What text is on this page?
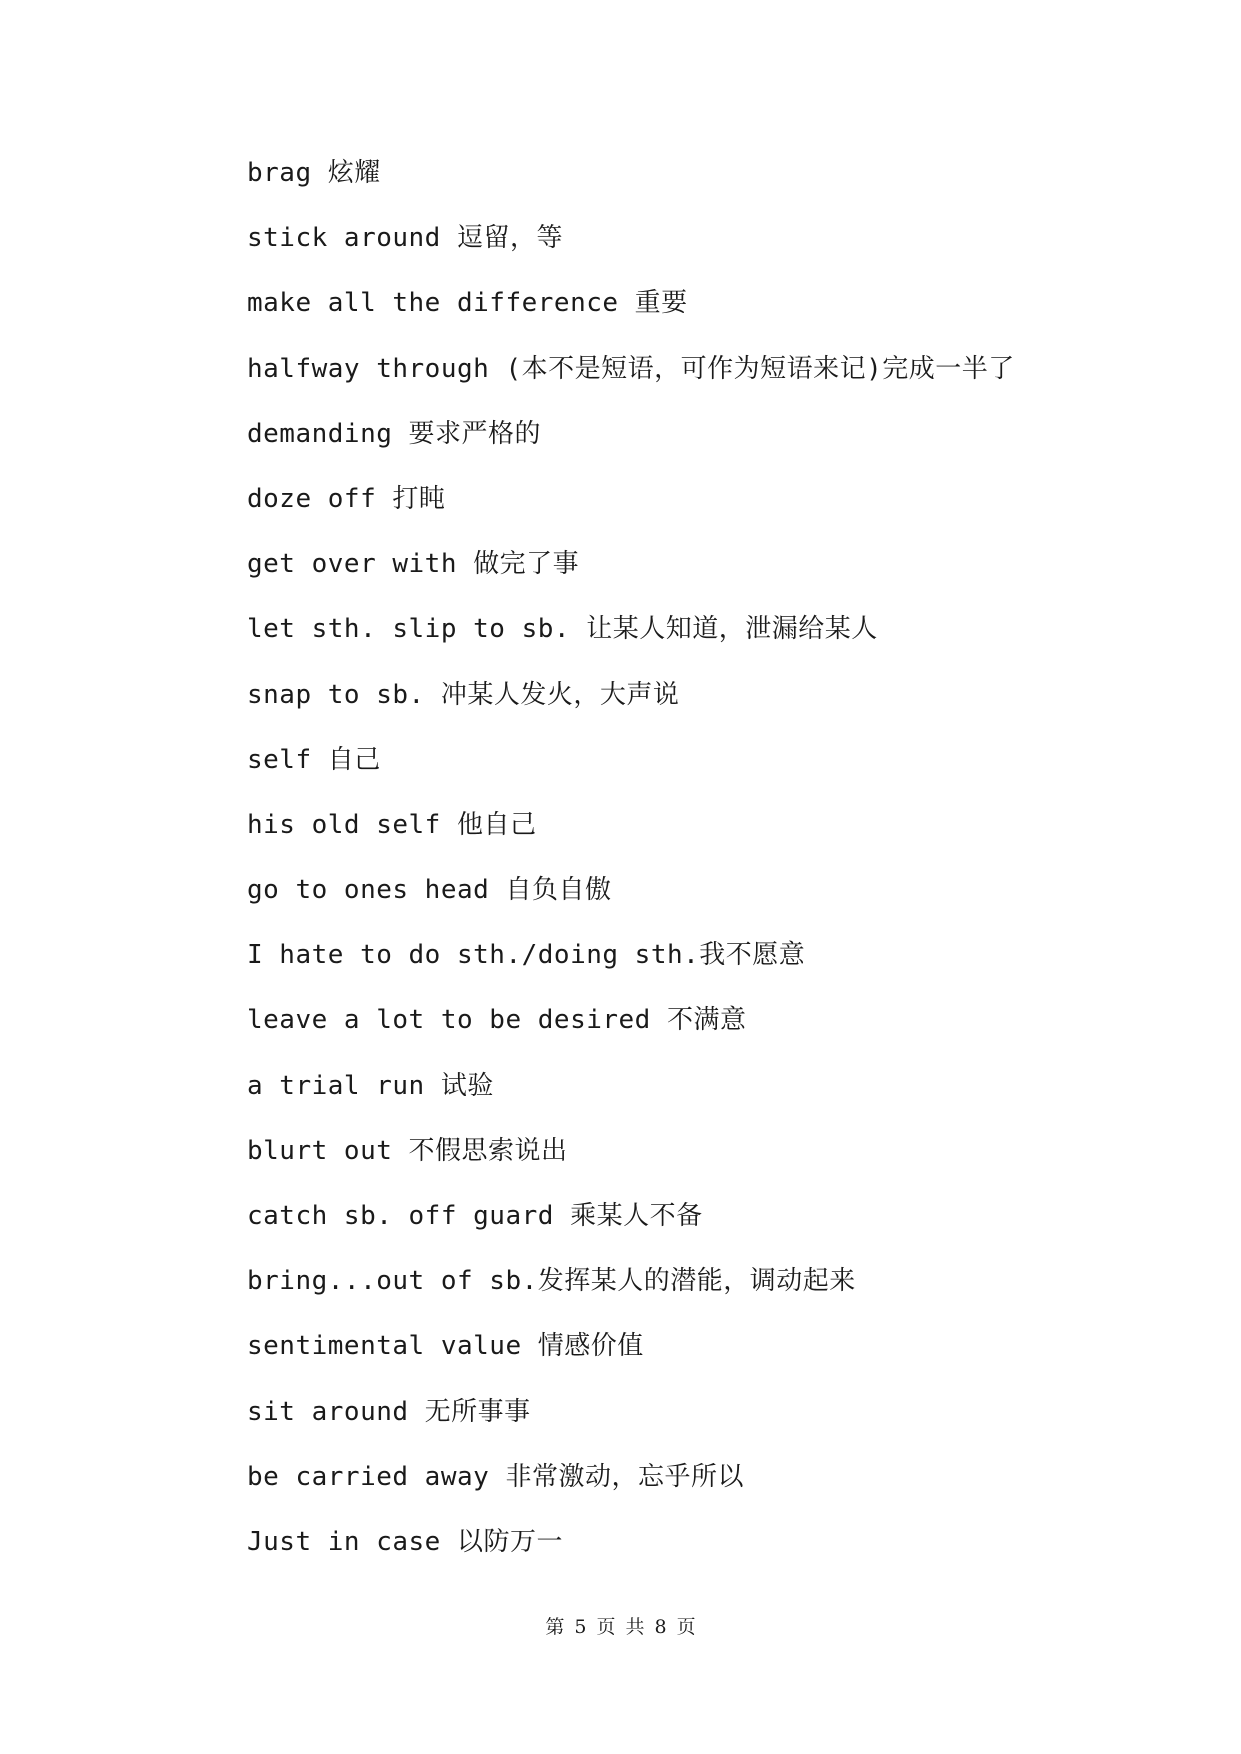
brag 炫耀
stick around 逗留，等
make all the difference 重要
halfway through (本不是短语，可作为短语来记)完成一半了
demanding 要求严格的
doze off 打盹
get over with 做完了事
let sth. slip to sb. 让某人知道，泄漏给某人
snap to sb. 冲某人发火，大声说
self 自己
his old self 他自己
go to ones head 自负自傲
I hate to do sth./doing sth.我不愿意
leave a lot to be desired 不满意
a trial run 试验
blurt out 不假思索说出
catch sb. off guard 乘某人不备
bring...out of sb.发挥某人的潜能，调动起来
sentimental value 情感价值
sit around 无所事事
be carried away 非常激动，忘乎所以
Just in case 以防万一
第 5 页 共 8 页
